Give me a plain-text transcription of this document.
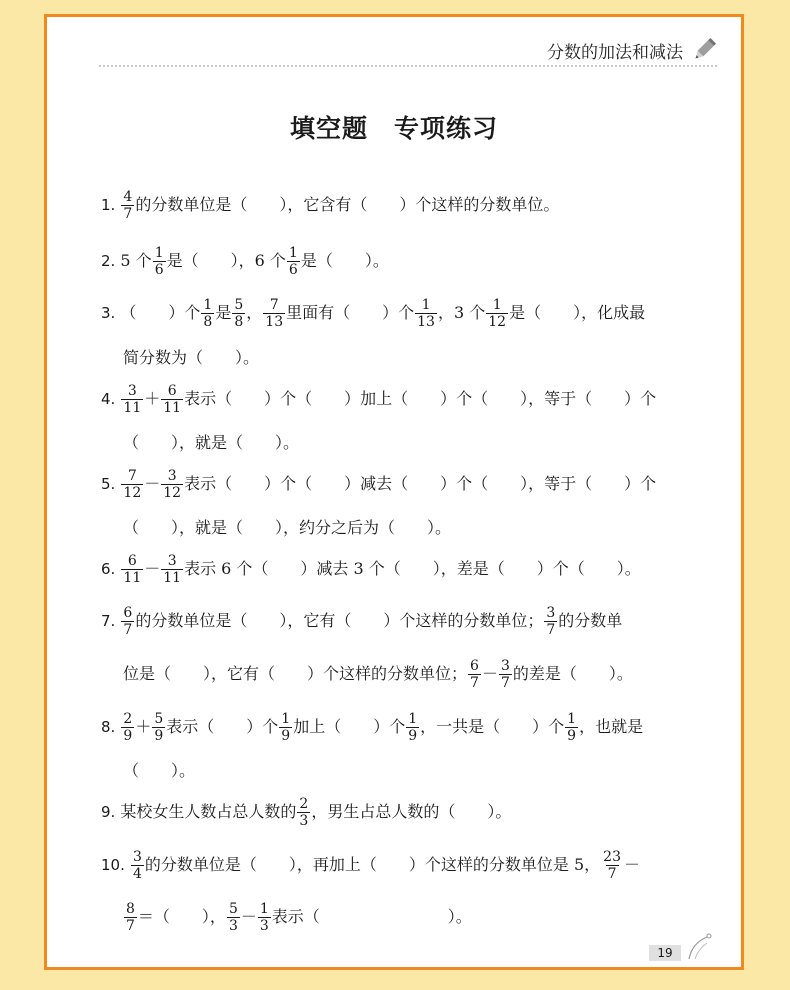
分数的加法和减法
填空题　专项练习
1. $\frac{4}{7}$ 的分数单位是（　　），它含有（　　）个这样的分数单位。
2. 5 个 $\frac{1}{6}$ 是（　　），6 个 $\frac{1}{6}$ 是（　　）。
3. （　　）个 $\frac{1}{8}$ 是 $\frac{5}{8}$ ， $\frac{7}{13}$ 里面有（　　）个 $\frac{1}{13}$ ，3 个 $\frac{1}{12}$ 是（　　），化成最
简分数为（　　）。
4. $\frac{3}{11} + \frac{6}{11}$ 表示（　　）个（　　）加上（　　）个（　　），等于（　　）个
（　　），就是（　　）。
5. $\frac{7}{12} - \frac{3}{12}$ 表示（　　）个（　　）减去（　　）个（　　），等于（　　）个
（　　），就是（　　），约分之后为（　　）。
6. $\frac{6}{11} - \frac{3}{11}$ 表示 6 个（　　）减去 3 个（　　），差是（　　）个（　　）。
7. $\frac{6}{7}$ 的分数单位是（　　），它有（　　）个这样的分数单位； $\frac{3}{7}$ 的分数单
位是（　　），它有（　　）个这样的分数单位； $\frac{6}{7} - \frac{3}{7}$ 的差是（　　）。
8. $\frac{2}{9} + \frac{5}{9}$ 表示（　　）个 $\frac{1}{9}$ 加上（　　）个 $\frac{1}{9}$ ，一共是（　　）个 $\frac{1}{9}$ ，也就是
（　　）。
9. 某校女生人数占总人数的 $\frac{2}{3}$ ，男生占总人数的（　　）。
10. $\frac{3}{4}$ 的分数单位是（　　），再加上（　　）个这样的分数单位是 5， $\frac{23}{7}$ －
$\frac{8}{7}$ ＝（　　）， $\frac{5}{3} - \frac{1}{3}$ 表示（　　　　　　　　）。
19
